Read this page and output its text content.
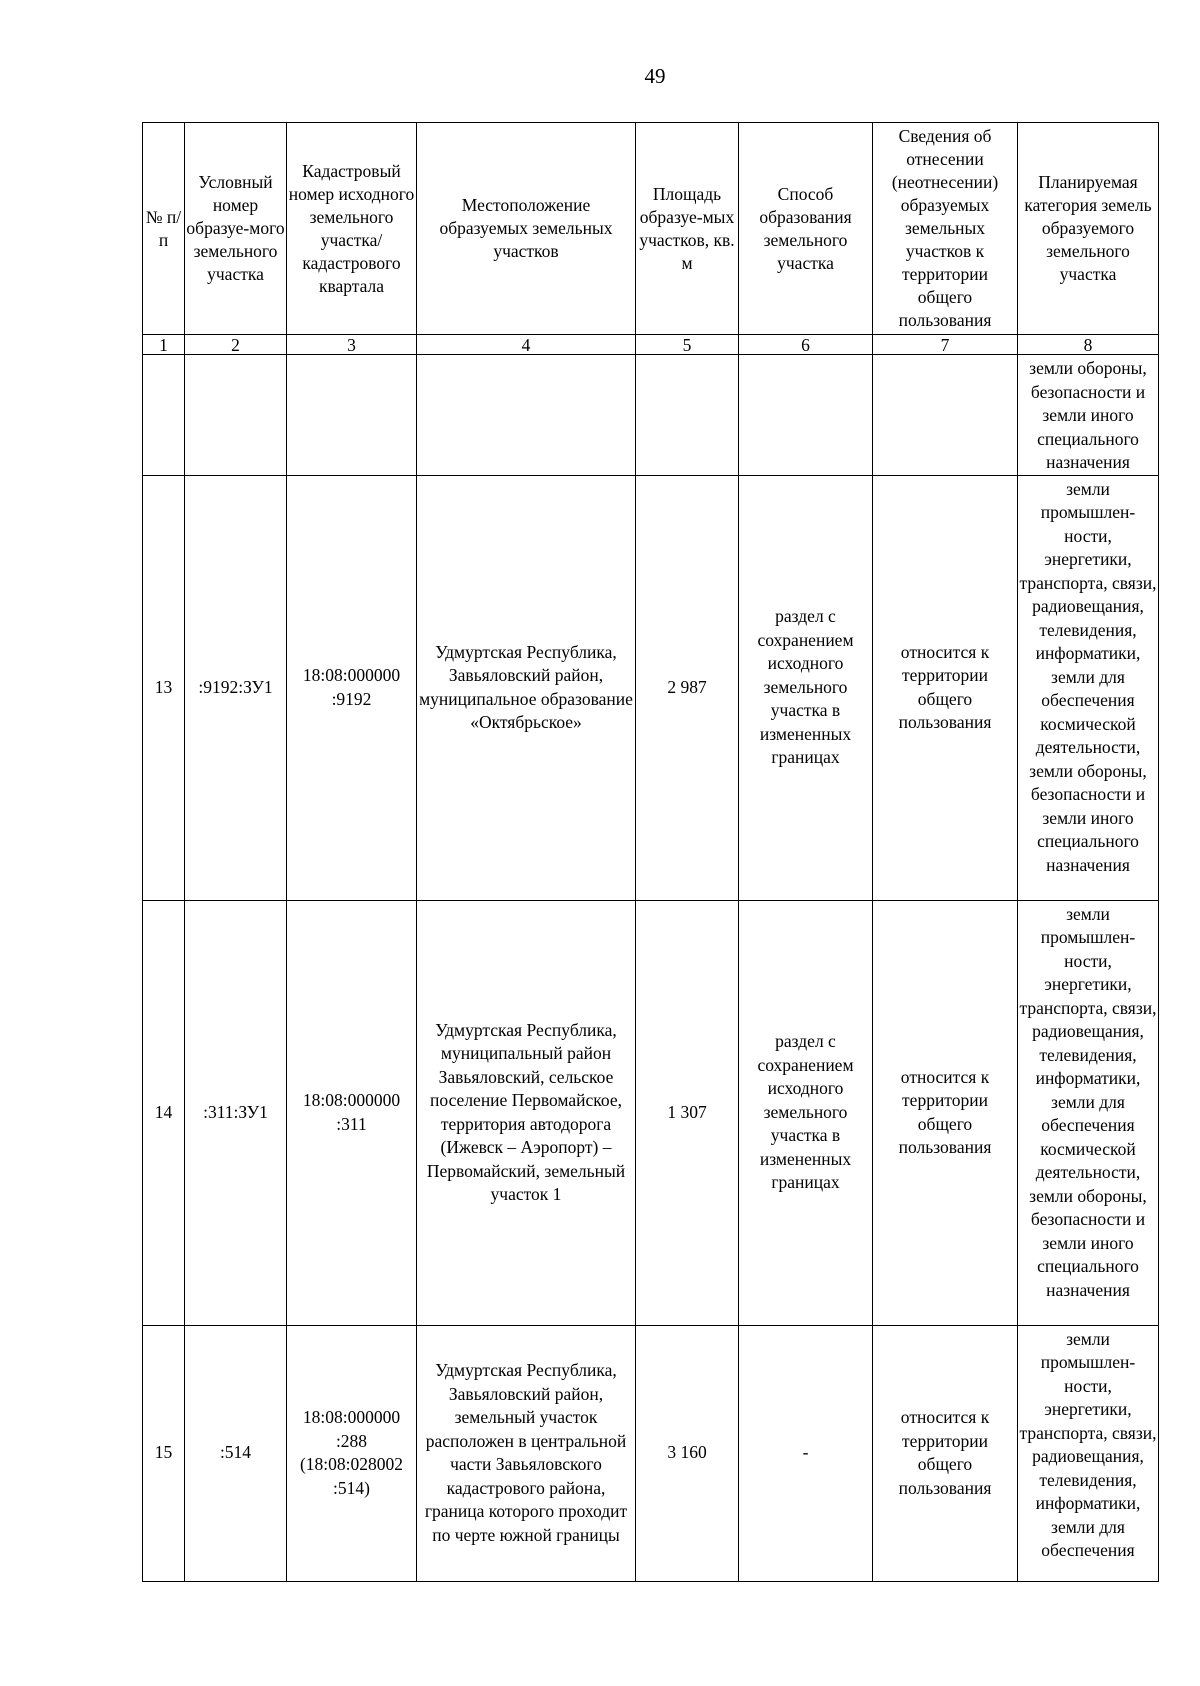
49
№ п/п	Условный номер образуе-мого земельного участка	Кадастровый номер исходного земельного участка/ кадастрового квартала	Местоположение образуемых земельных участков	Площадь образуе-мых участков, кв. м	Способ образования земельного участка	Сведения об отнесении (неотнесении) образуемых земельных участков к территории общего пользования	Планируемая категория земель образуемого земельного участка
1	2	3	4	5	6	7	8
							земли обороны, безопасности и земли иного специального назначения
13	:9192:ЗУ1	18:08:000000 :9192	Удмуртская Республика, Завьяловский район, муниципальное образование «Октябрьское»	2 987	раздел с сохранением исходного земельного участка в измененных границах	относится к территории общего пользования	земли промышлен-ности, энергетики, транспорта, связи, радиовещания, телевидения, информатики, земли для обеспечения космической деятельности, земли обороны, безопасности и земли иного специального назначения
14	:311:ЗУ1	18:08:000000 :311	Удмуртская Республика, муниципальный район Завьяловский, сельское поселение Первомайское, территория автодорога (Ижевск – Аэропорт) – Первомайский, земельный участок 1	1 307	раздел с сохранением исходного земельного участка в измененных границах	относится к территории общего пользования	земли промышлен-ности, энергетики, транспорта, связи, радиовещания, телевидения, информатики, земли для обеспечения космической деятельности, земли обороны, безопасности и земли иного специального назначения
15	:514	18:08:000000 :288 (18:08:028002 :514)	Удмуртская Республика, Завьяловский район, земельный участок расположен в центральной части Завьяловского кадастрового района, граница которого проходит по черте южной границы	3 160	-	относится к территории общего пользования	земли промышлен-ности, энергетики, транспорта, связи, радиовещания, телевидения, информатики, земли для обеспечения
